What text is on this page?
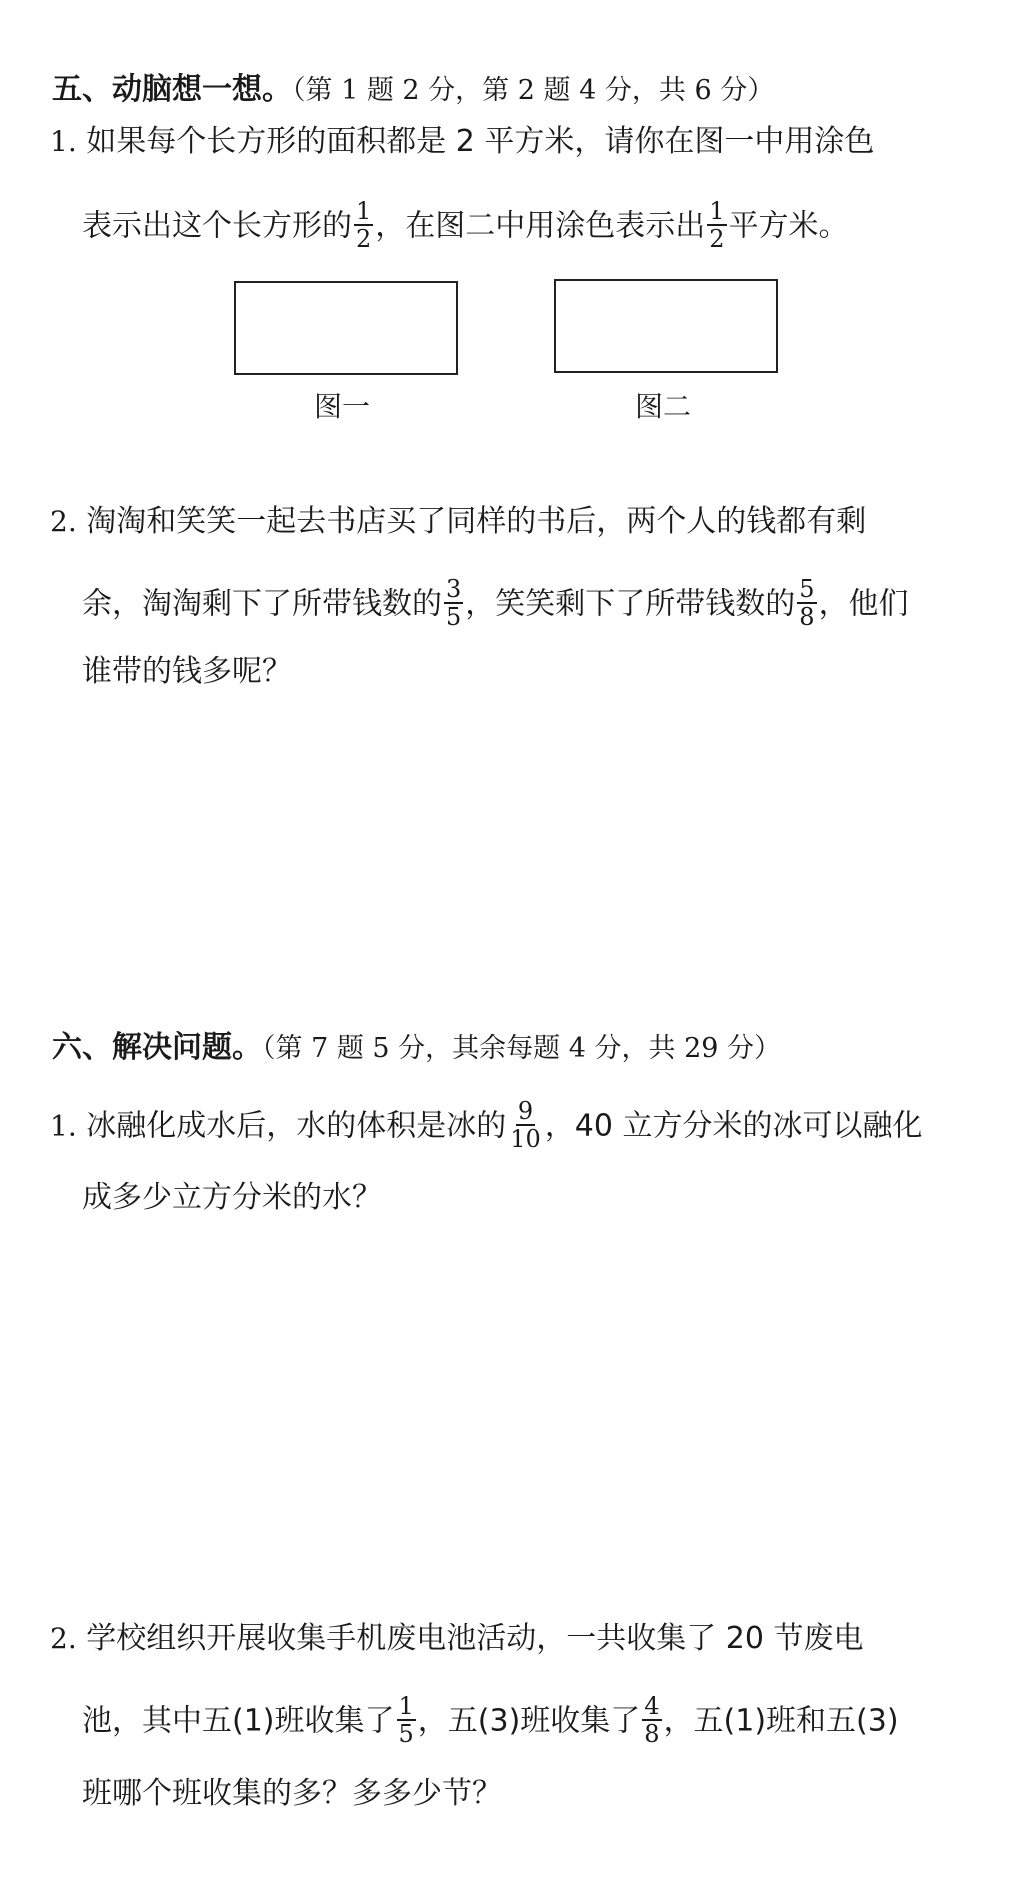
五、动脑想一想。（第 1 题 2 分，第 2 题 4 分，共 6 分）
1. 如果每个长方形的面积都是 2 平方米，请你在图一中用涂色
表示出这个长方形的 $\frac{1}{2}$ ，在图二中用涂色表示出 $\frac{1}{2}$ 平方米。
图一	图二
2. 淘淘和笑笑一起去书店买了同样的书后，两个人的钱都有剩
余，淘淘剩下了所带钱数的 $\frac{3}{5}$ ，笑笑剩下了所带钱数的 $\frac{5}{8}$ ，他们
谁带的钱多呢？
六、解决问题。（第 7 题 5 分，其余每题 4 分，共 29 分）
1. 冰融化成水后，水的体积是冰的 $\frac{9}{10}$ ，40 立方分米的冰可以融化
成多少立方分米的水？
2. 学校组织开展收集手机废电池活动，一共收集了 20 节废电
池，其中五(1)班收集了 $\frac{1}{5}$ ，五(3)班收集了 $\frac{4}{8}$ ，五(1)班和五(3)
班哪个班收集的多？多多少节？
